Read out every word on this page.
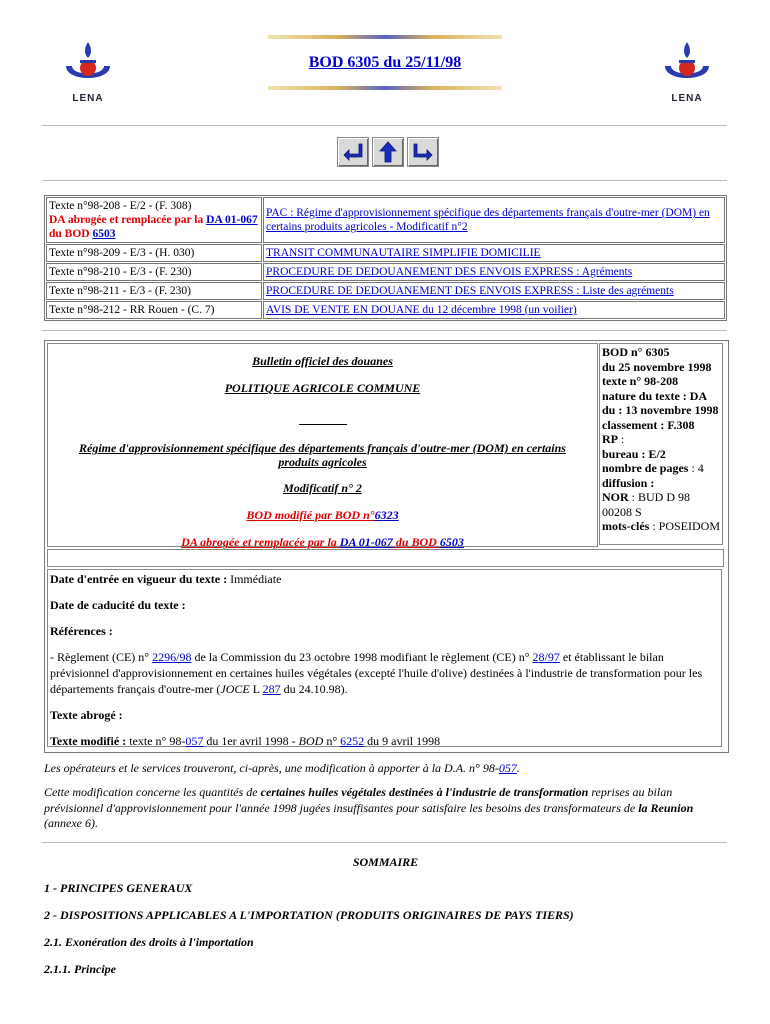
LENA	LENA
BOD 6305 du 25/11/98
Texte n°98-208 - E/2 - (F. 308)
DA abrogée et remplacée par la DA 01-067 du BOD 6503	PAC : Régime d'approvisionnement spécifique des départements français d'outre-mer (DOM) en certains produits agricoles - Modificatif n°2
Texte n°98-209 - E/3 - (H. 030)	TRANSIT COMMUNAUTAIRE SIMPLIFIE DOMICILIE
Texte n°98-210 - E/3 - (F. 230)	PROCEDURE DE DEDOUANEMENT DES ENVOIS EXPRESS : Agréments
Texte n°98-211 - E/3 - (F. 230)	PROCEDURE DE DEDOUANEMENT DES ENVOIS EXPRESS : Liste des agréments
Texte n°98-212 - RR Rouen - (C. 7)	AVIS DE VENTE EN DOUANE du 12 décembre 1998 (un voilier)

Bulletin officiel des douanes

POLITIQUE AGRICOLE COMMUNE

Régime d'approvisionnement spécifique des départements français d'outre-mer (DOM) en certains produits agricoles

Modificatif n° 2

BOD modifié par BOD n°6323

DA abrogée et remplacée par la DA 01-067 du BOD 6503

BOD n° 6305
du 25 novembre 1998
texte n° 98-208
nature du texte : DA
du : 13 novembre 1998
classement : F.308
RP :
bureau : E/2
nombre de pages : 4
diffusion :
NOR : BUD D 98 00208 S
mots-clés : POSEIDOM

Date d'entrée en vigueur du texte : Immédiate

Date de caducité du texte :

Références :

- Règlement (CE) n° 2296/98 de la Commission du 23 octobre 1998 modifiant le règlement (CE) n° 28/97 et établissant le bilan prévisionnel d'approvisionnement en certaines huiles végétales (excepté l'huile d'olive) destinées à l'industrie de transformation pour les départements français d'outre-mer (JOCE L 287 du 24.10.98).

Texte abrogé :

Texte modifié : texte n° 98-057 du 1er avril 1998 - BOD n° 6252 du 9 avril 1998

Les opérateurs et le services trouveront, ci-après, une modification à apporter à la D.A. n° 98-057.

Cette modification concerne les quantités de certaines huiles végétales destinées à l'industrie de transformation reprises au bilan prévisionnel d'approvisionnement pour l'année 1998 jugées insuffisantes pour satisfaire les besoins des transformateurs de la Reunion (annexe 6).

SOMMAIRE
1 - PRINCIPES GENERAUX
2 - DISPOSITIONS APPLICABLES A L'IMPORTATION (PRODUITS ORIGINAIRES DE PAYS TIERS)
2.1. Exonération des droits à l'importation
2.1.1. Principe
